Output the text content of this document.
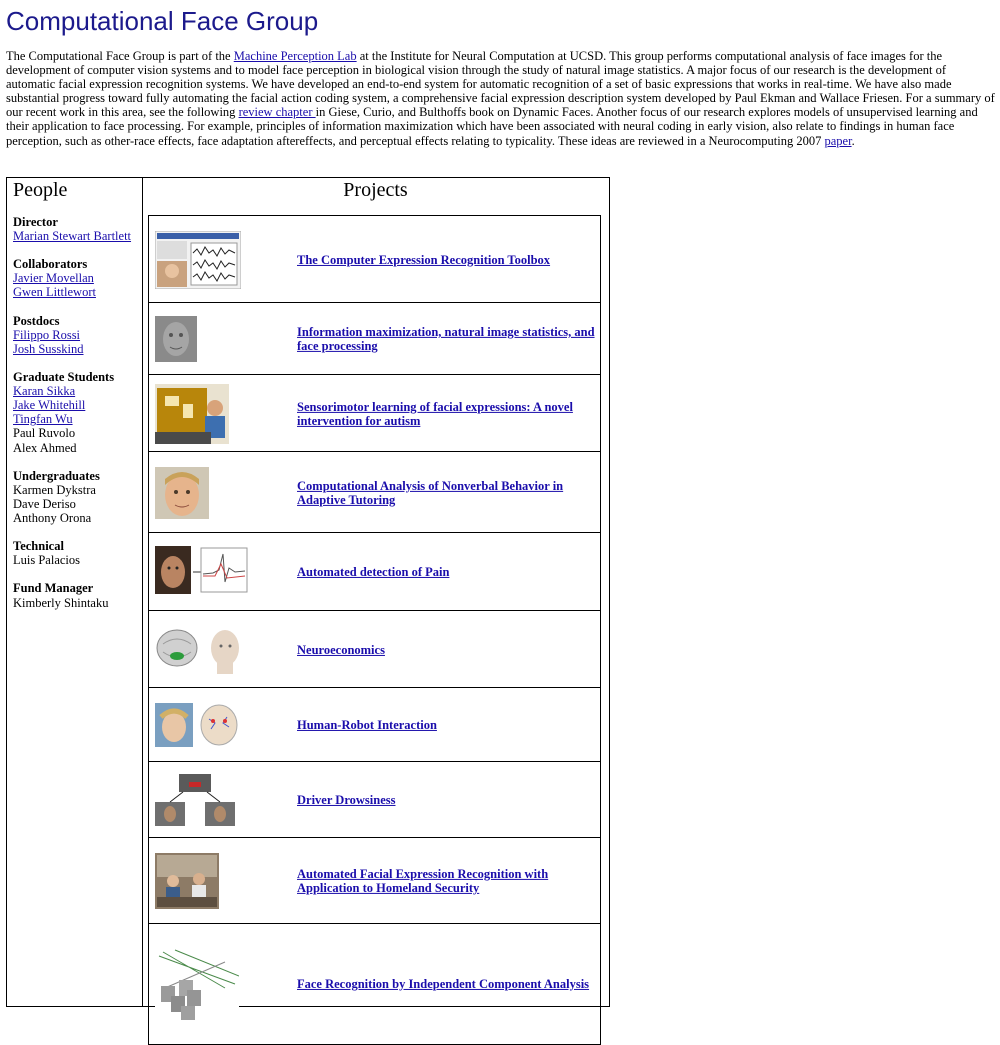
Computational Face Group

The Computational Face Group is part of the Machine Perception Lab at the Institute for Neural Computation at UCSD. This group performs computational analysis of face images for the development of computer vision systems and to model face perception in biological vision through the study of natural image statistics. A major focus of our research is the development of automatic facial expression recognition systems. We have developed an end-to-end system for automatic recognition of a set of basic expressions that works in real-time. We have also made substantial progress toward fully automating the facial action coding system, a comprehensive facial expression description system developed by Paul Ekman and Wallace Friesen. For a summary of our recent work in this area, see the following review chapter in Giese, Curio, and Bulthoffs book on Dynamic Faces. Another focus of our research explores models of unsupervised learning and their application to face processing. For example, principles of information maximization which have been associated with neural coding in early vision, also relate to findings in human face perception, such as other-race effects, face adaptation aftereffects, and perceptual effects relating to typicality. These ideas are reviewed in a Neurocomputing 2007 paper.

People
Director
Marian Stewart Bartlett
Collaborators
Javier Movellan
Gwen Littlewort
Postdocs
Filippo Rossi
Josh Susskind
Graduate Students
Karan Sikka
Jake Whitehill
Tingfan Wu
Paul Ruvolo
Alex Ahmed
Undergraduates
Karmen Dykstra
Dave Deriso
Anthony Orona
Technical
Luis Palacios
Fund Manager
Kimberly Shintaku
Projects
The Computer Expression Recognition Toolbox
Information maximization, natural image statistics, and face processing
Sensorimotor learning of facial expressions: A novel intervention for autism
Computational Analysis of Nonverbal Behavior in Adaptive Tutoring
Automated detection of Pain
Neuroeconomics
Human-Robot Interaction
Driver Drowsiness
Automated Facial Expression Recognition with Application to Homeland Security
Face Recognition by Independent Component Analysis
